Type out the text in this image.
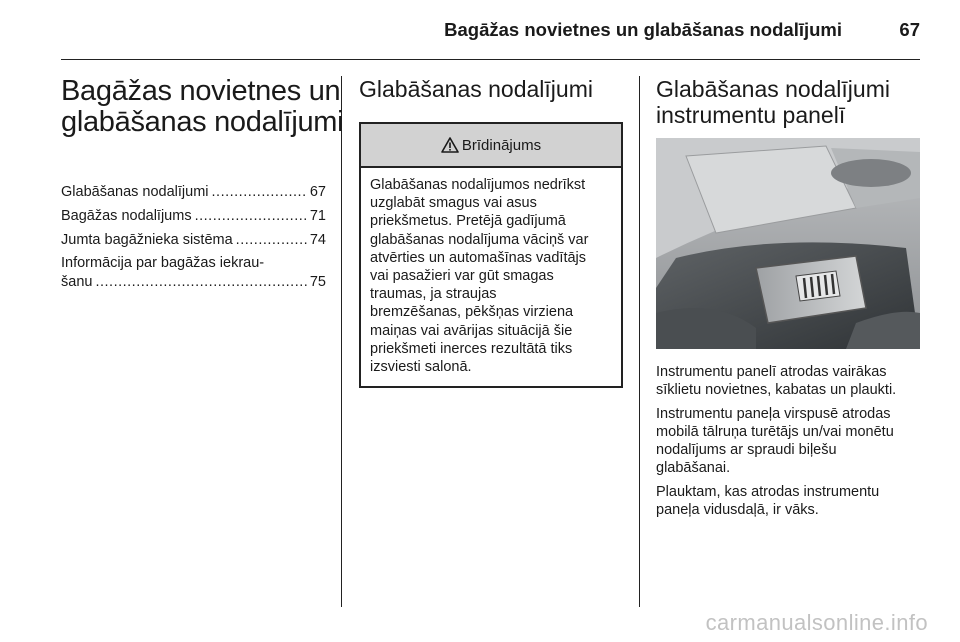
Bagāžas novietnes un glabāšanas nodalījumi	67
Bagāžas novietnes un
glabāšanas nodalījumi
Glabāšanas nodalījumi .....	67
Bagāžas nodalījums .....	71
Jumta bagāžnieka sistēma .....	74
Informācija par bagāžas iekrau-
šanu .....	75
Glabāšanas nodalījumi
Brīdinājums
Glabāšanas nodalījumos nedrīkst
uzglabāt smagus vai asus
priekšmetus. Pretējā gadījumā
glabāšanas nodalījuma vāciņš var
atvērties un automašīnas vadītājs
vai pasažieri var gūt smagas
traumas, ja straujas
bremzēšanas, pēkšņas virziena
maiņas vai avārijas situācijā šie
priekšmeti inerces rezultātā tiks
izsviesti salonā.
Glabāšanas nodalījumi
instrumentu panelī

Instrumentu panelī atrodas vairākas
sīklietu novietnes, kabatas un plaukti.

Instrumentu paneļa virspusē atrodas
mobilā tālruņa turētājs un/vai monētu
nodalījums ar spraudi biļešu
glabāšanai.

Plauktam, kas atrodas instrumentu
paneļa vidusdaļā, ir vāks.

carmanualsonline.info
